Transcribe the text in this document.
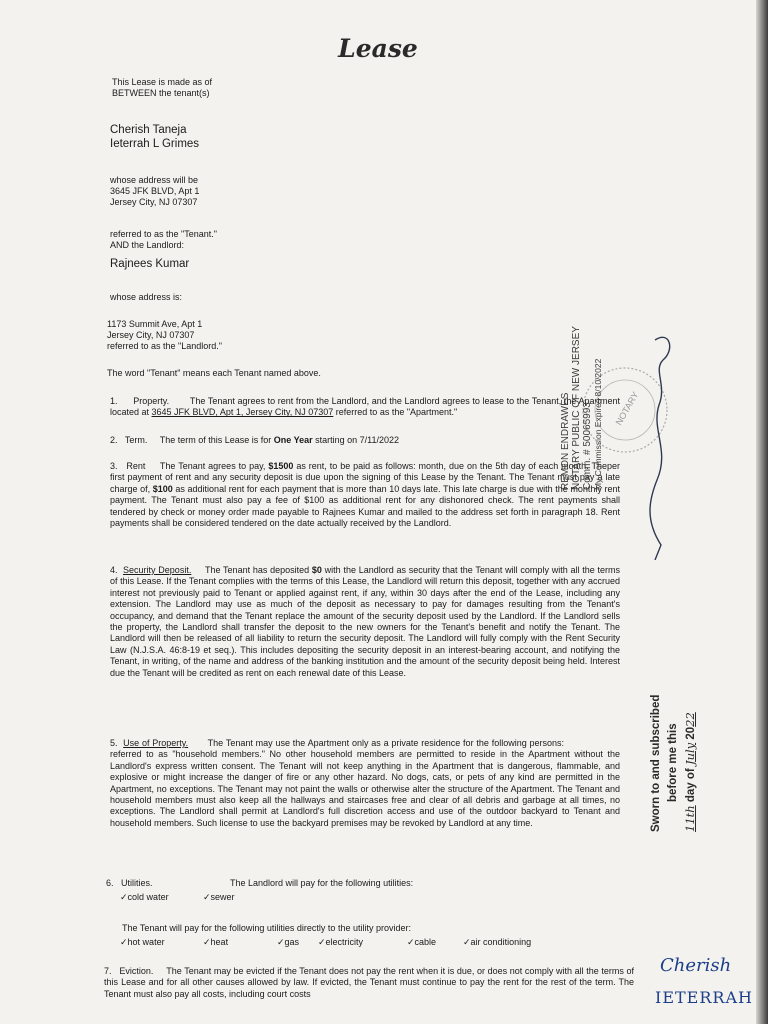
Lease
This Lease is made as of
BETWEEN the tenant(s)
Cherish Taneja
Ieterrah L Grimes
whose address will be
3645 JFK BLVD, Apt 1
Jersey City, NJ 07307
referred to as the "Tenant."
AND the Landlord:
Rajnees Kumar
whose address is:
1173 Summit Ave, Apt 1
Jersey City, NJ 07307
referred to as the "Landlord."
The word "Tenant" means each Tenant named above.
1. Property. The Tenant agrees to rent from the Landlord, and the Landlord agrees to lease to the Tenant, the Apartment located at 3645 JFK BLVD, Apt 1, Jersey City, NJ 07307 referred to as the "Apartment."
2. Term. The term of this Lease is for One Year starting on 7/11/2022
3. Rent The Tenant agrees to pay, $1500 as rent, to be paid as follows:	per
month, due on the 5th day of each month. The first payment of rent and any security deposit is due upon the signing of this Lease by the Tenant. The Tenant must pay a late charge of, $100 as additional rent for each payment that is more than 10 days late. This late charge is due with the monthly rent payment. The Tenant must also pay a fee of $100 as additional rent for any dishonored check. The rent payments shall tendered by check or money order made payable to Rajnees Kumar and mailed to the address set forth in paragraph 18. Rent payments shall be considered tendered on the date actually received by the Landlord.
4. Security Deposit. The Tenant has deposited $0 with the Landlord as security that the Tenant will comply with all the terms of this Lease. If the Tenant complies with the terms of this Lease, the Landlord will return this deposit, together with any accrued interest not previously paid to Tenant or applied against rent, if any, within 30 days after the end of the Lease, including any extension. The Landlord may use as much of the deposit as necessary to pay for damages resulting from the Tenant's occupancy, and demand that the Tenant replace the amount of the security deposit used by the Landlord. If the Landlord sells the property, the Landlord shall transfer the deposit to the new owners for the Tenant's benefit and notify the Tenant. The Landlord will then be released of all liability to return the security deposit. The Landlord will fully comply with the Rent Security Law (N.J.S.A. 46:8-19 et seq.). This includes depositing the security deposit in an interest-bearing account, and notifying the Tenant, in writing, of the name and address of the banking institution and the amount of the security deposit being held. Interest due the Tenant will be credited as rent on each renewal date of this Lease.
5. Use of Property. The Tenant may use the Apartment only as a private residence for the following persons:                     referred to as "household members." No other household members are permitted to reside in the Apartment without the Landlord's express written consent. The Tenant will not keep anything in the Apartment that is dangerous, flammable, and explosive or might increase the danger of fire or any other hazard. No dogs, cats, or pets of any kind are permitted in the Apartment, no exceptions. The Tenant may not paint the walls or otherwise alter the structure of the Apartment. The Tenant and household members must also keep all the hallways and staircases free and clear of all debris and garbage at all times, no exceptions. The Landlord shall permit at Landlord's full discretion access and use of the outdoor backyard to Tenant and household members. Such license to use the backyard premises may be revoked by Landlord at any time.
6. Utilities.	The Landlord will pay for the following utilities:
✓ cold water	✓ sewer
The Tenant will pay for the following utilities directly to the utility provider:
✓ hot water	✓ heat	✓ gas	✓ electricity	✓ cable	✓ air conditioning
7. Eviction. The Tenant may be evicted if the Tenant does not pay the rent when it is due, or does not comply with all the terms of this Lease and for all other causes allowed by law. If evicted, the Tenant must continue to pay the rent for the rest of the term. The Tenant must also pay all costs, including court costs
NOTARY
REMON ENDRAWES NOTARY PUBLIC OF NEW JERSEY Comm. # 50065993 My Commission Expires 8/10/2022
Sworn to and subscribed before me this
11th day of July 2022
Cherish
IETERRAH
